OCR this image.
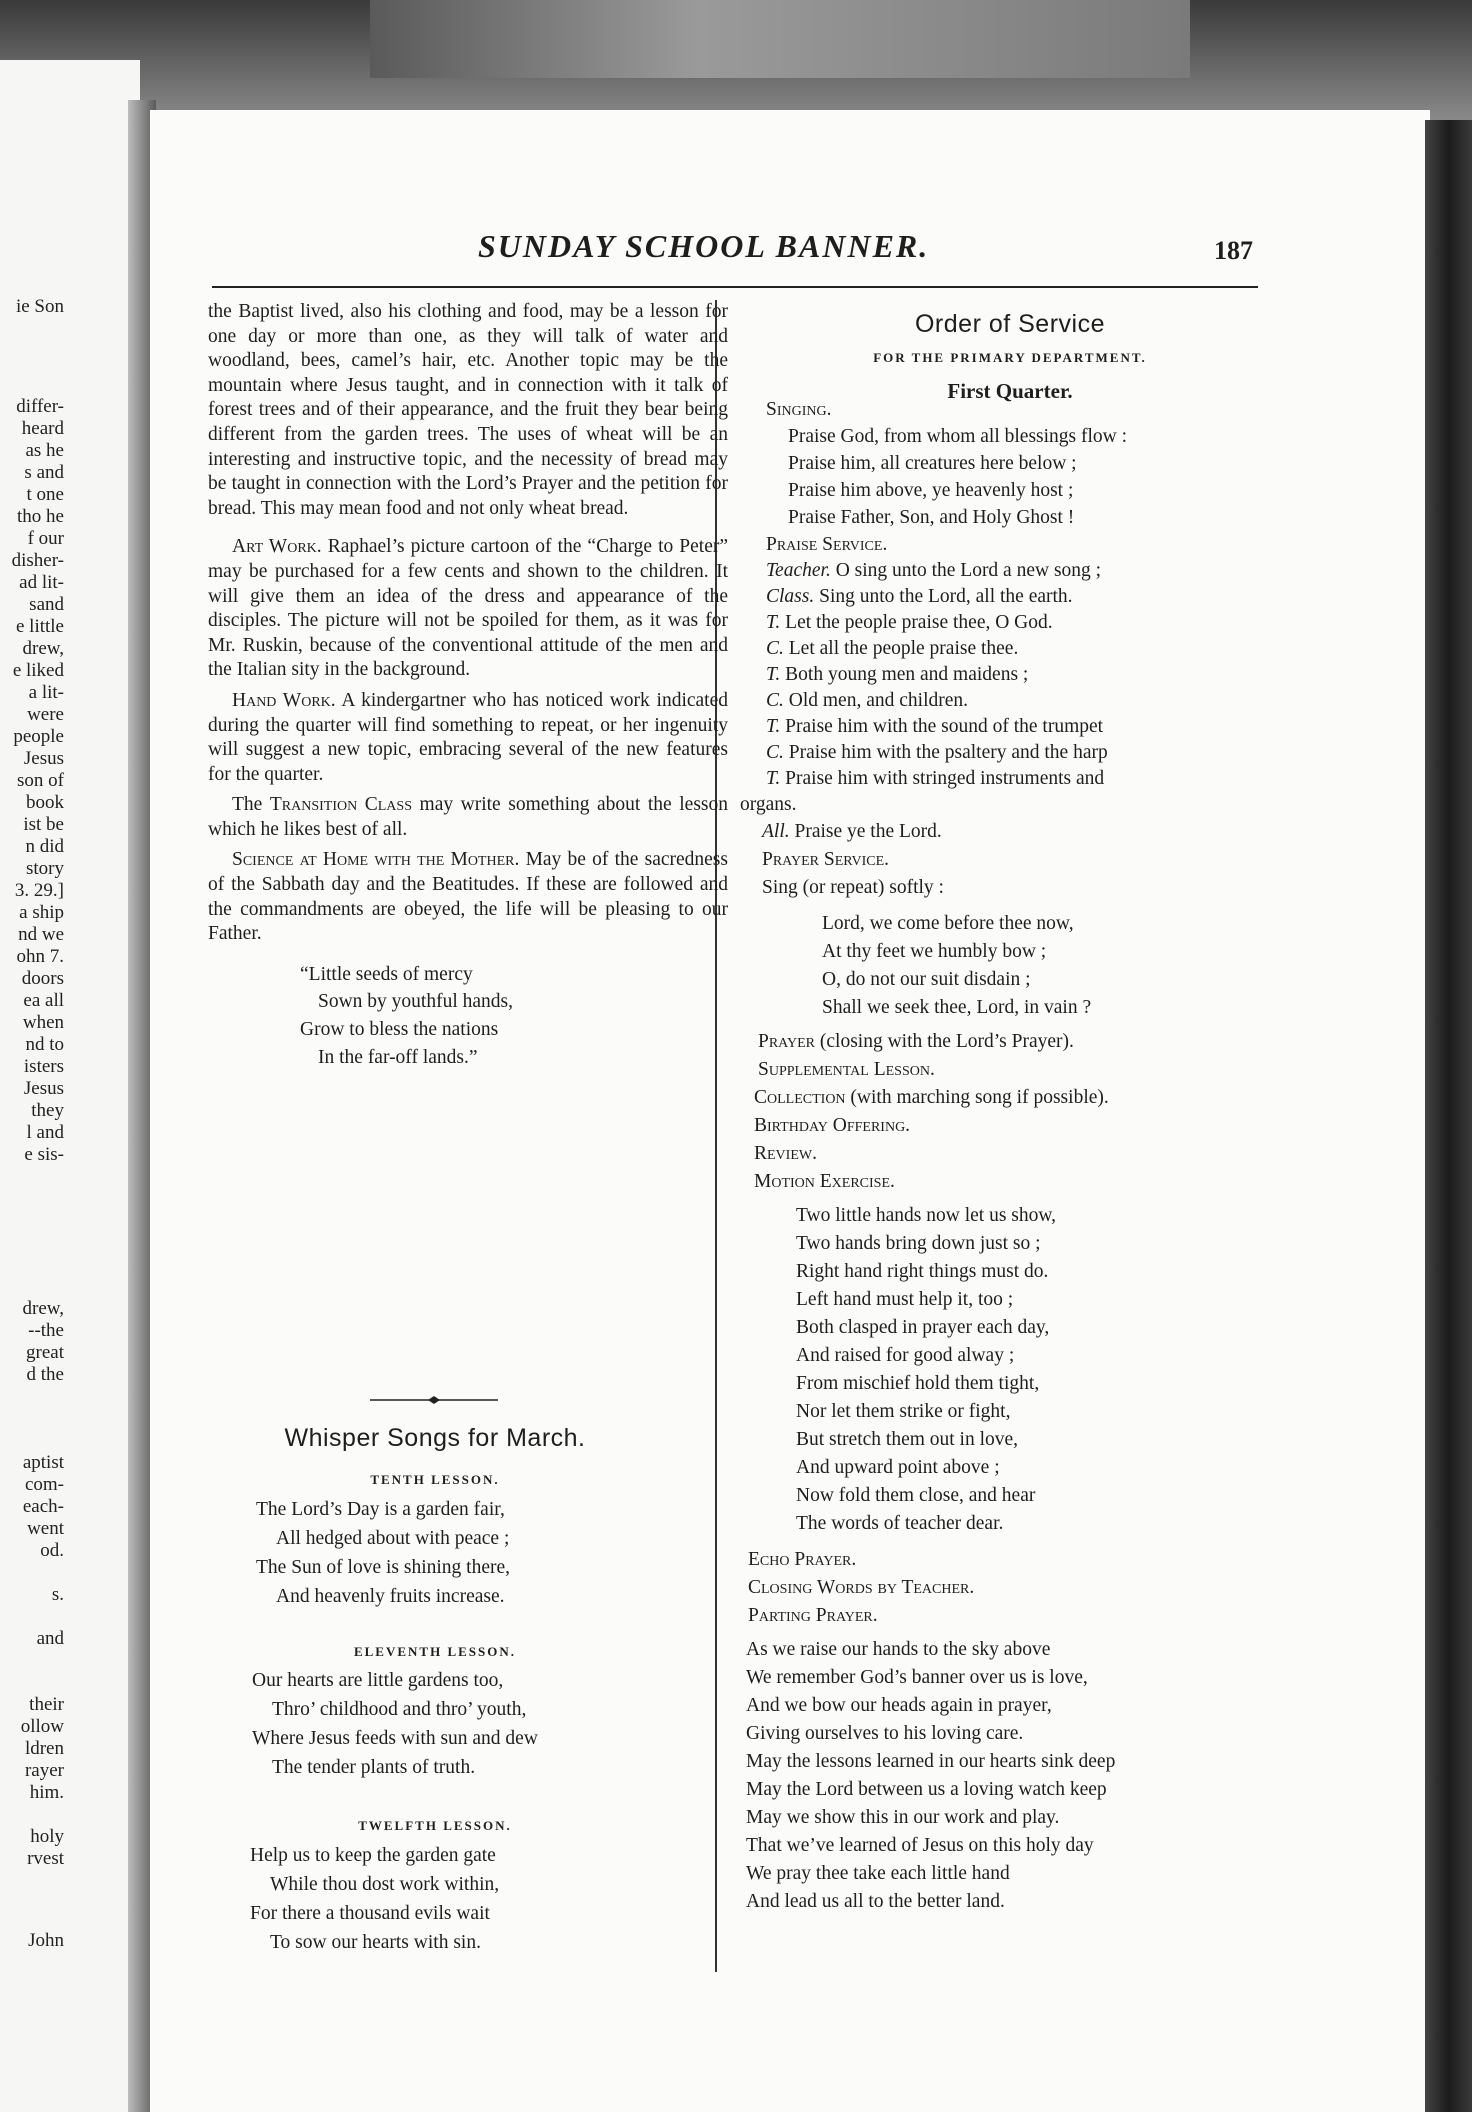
ie Son
differ-
heard
as he
s and
t one
tho he
f our
disher-
ad lit-
sand
e little
drew,
e liked
a lit-
were
people
Jesus
son of
book
ist be
n did
story
3. 29.]
a ship
nd we
ohn 7.
doors
ea all
when
nd to
isters
Jesus
they
l and
e sis-
drew,
--the
great
d the
aptist
com-
each-
went
od.
s.
and
their
ollow
ldren
rayer
him.
holy
rvest
John
SUNDAY SCHOOL BANNER.	187

the Baptist lived, also his clothing and food, may be a lesson for one day or more than one, as they will talk of water and woodland, bees, camel’s hair, etc. Another topic may be the mountain where Jesus taught, and in connection with it talk of forest trees and of their appearance, and the fruit they bear being different from the garden trees. The uses of wheat will be an interesting and instructive topic, and the necessity of bread may be taught in connection with the Lord’s Prayer and the petition for bread. This may mean food and not only wheat bread.

Art Work. Raphael’s picture cartoon of the “Charge to Peter” may be purchased for a few cents and shown to the children. It will give them an idea of the dress and appearance of the disciples. The picture will not be spoiled for them, as it was for Mr. Ruskin, because of the conventional attitude of the men and the Italian sity in the background.

Hand Work. A kindergartner who has noticed work indicated during the quarter will find something to repeat, or her ingenuity will suggest a new topic, embracing several of the new features for the quarter.

The Transition Class may write something about the lesson which he likes best of all.

Science at Home with the Mother. May be of the sacredness of the Sabbath day and the Beatitudes. If these are followed and the commandments are obeyed, the life will be pleasing to our Father.

“Little seeds of mercy
Sown by youthful hands,
Grow to bless the nations
In the far-off lands.”
Whisper Songs for March.
TENTH LESSON.
The Lord’s Day is a garden fair,
All hedged about with peace ;
The Sun of love is shining there,
And heavenly fruits increase.
ELEVENTH LESSON.
Our hearts are little gardens too,
Thro’ childhood and thro’ youth,
Where Jesus feeds with sun and dew
The tender plants of truth.
TWELFTH LESSON.
Help us to keep the garden gate
While thou dost work within,
For there a thousand evils wait
To sow our hearts with sin.
Order of Service
FOR THE PRIMARY DEPARTMENT.
First Quarter.
Singing.
Praise God, from whom all blessings flow :
Praise him, all creatures here below ;
Praise him above, ye heavenly host ;
Praise Father, Son, and Holy Ghost !
Praise Service.
Teacher. O sing unto the Lord a new song ;
Class. Sing unto the Lord, all the earth.
T. Let the people praise thee, O God.
C. Let all the people praise thee.
T. Both young men and maidens ;
C. Old men, and children.
T. Praise him with the sound of the trumpet
C. Praise him with the psaltery and the harp
T. Praise him with stringed instruments and
organs.
All. Praise ye the Lord.
Prayer Service.
Sing (or repeat) softly :
Lord, we come before thee now,
At thy feet we humbly bow ;
O, do not our suit disdain ;
Shall we seek thee, Lord, in vain ?
Prayer (closing with the Lord’s Prayer).
Supplemental Lesson.
Collection (with marching song if possible).
Birthday Offering.
Review.
Motion Exercise.
Two little hands now let us show,
Two hands bring down just so ;
Right hand right things must do.
Left hand must help it, too ;
Both clasped in prayer each day,
And raised for good alway ;
From mischief hold them tight,
Nor let them strike or fight,
But stretch them out in love,
And upward point above ;
Now fold them close, and hear
The words of teacher dear.
Echo Prayer.
Closing Words by Teacher.
Parting Prayer.
As we raise our hands to the sky above
We remember God’s banner over us is love,
And we bow our heads again in prayer,
Giving ourselves to his loving care.
May the lessons learned in our hearts sink deep
May the Lord between us a loving watch keep
May we show this in our work and play.
That we’ve learned of Jesus on this holy day
We pray thee take each little hand
And lead us all to the better land.
